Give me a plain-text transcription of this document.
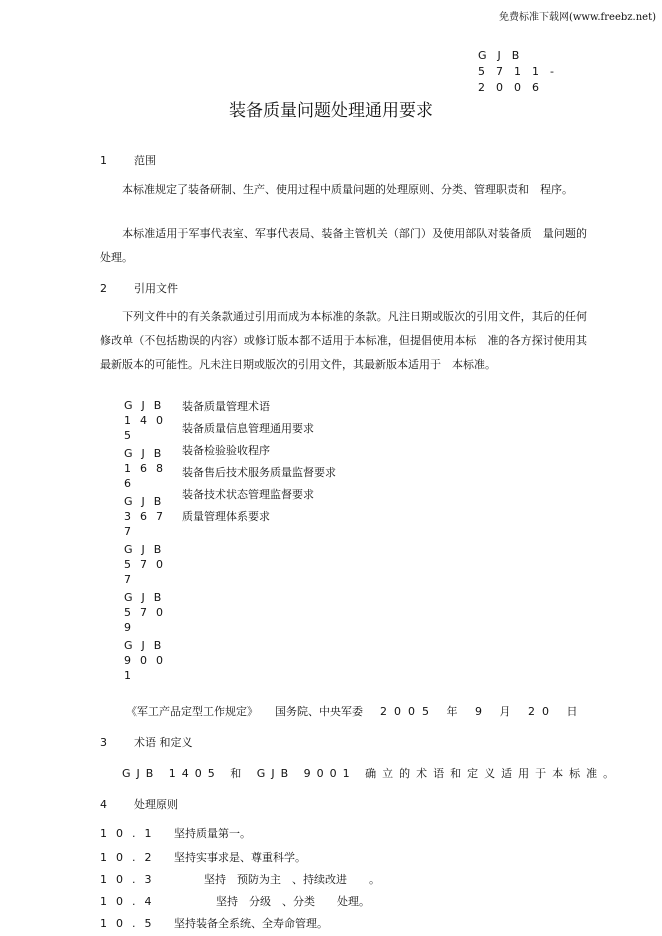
免费标准下载网(www.freebz.net)
GJB 5711-2006
装备质量问题处理通用要求
1 范围
本标准规定了装备研制、生产、使用过程中质量问题的处理原则、分类、管理职责和　程序。
本标准适用于军事代表室、军事代表局、装备主管机关（部门）及使用部队对装备质　量问题的处理。
2 引用文件
下列文件中的有关条款通过引用而成为本标准的条款。凡注日期或版次的引用文件，其后的任何修改单（不包括勘误的内容）或修订版本都不适用于本标准，但提倡使用本标　准的各方探讨使用其最新版本的可能性。凡未注日期或版次的引用文件，其最新版本适用于　本标准。
GJB1405
GJB1686
GJB3677
GJB5707
GJB5709
GJB9001
装备质量管理术语
装备质量信息管理通用要求
装备检验验收程序
装备售后技术服务质量监督要求
装备技术状态管理监督要求
质量管理体系要求
《军工产品定型工作规定》 国务院、中央军委 2005 年 9 月 20 日
3 术语 和定义
GJB 1405 和 GJB 9001 确立的术语和定义适用于本标准。
4 处理原则
10.1 坚持质量第一。
10.2 坚持实事求是、尊重科学。
10.3	坚持　预防为主　、持续改进　　。
10.4	坚持　分级　、分类　　处理。
10.5 坚持装备全系统、全寿命管理。
